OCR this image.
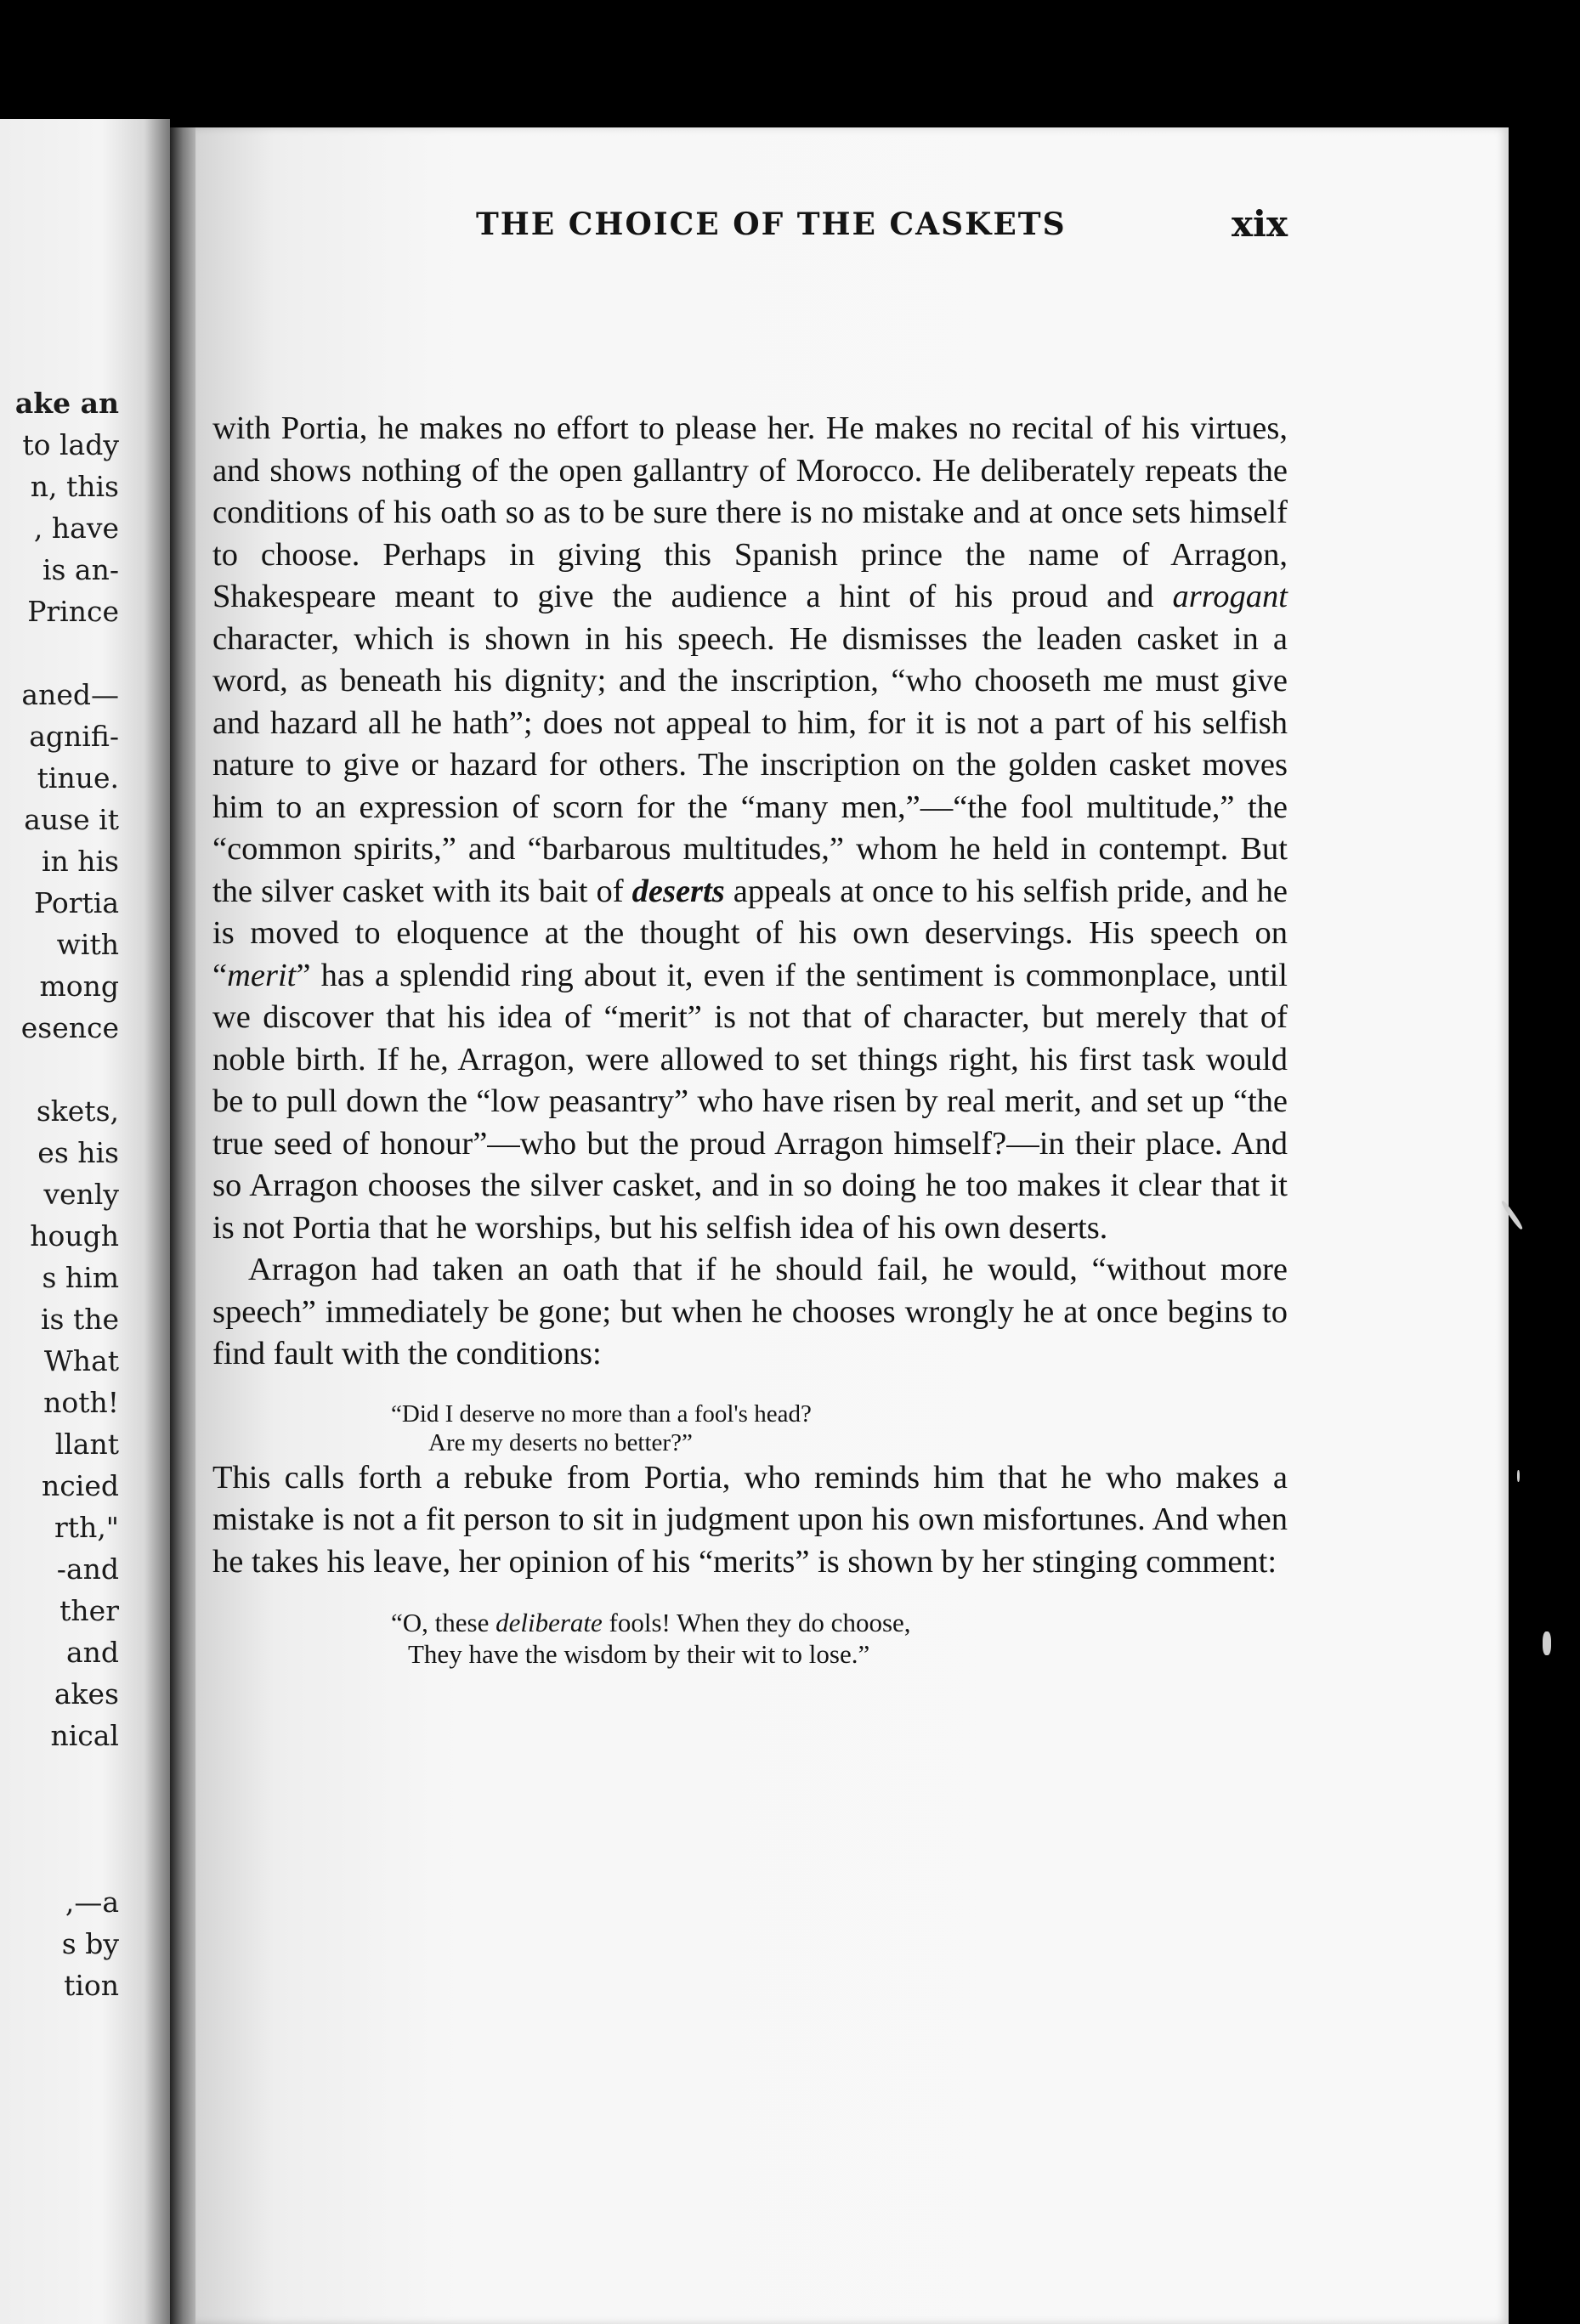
ake an
to lady
n, this
, have
is an-
Prince
aned—
agnifi-
tinue.
ause it
in his
Portia
with
mong
esence
skets,
es his
venly
hough
s him
is the
What
noth!
llant
ncied
rth,"
-and
ther
and
akes
nical
,—a
s by
tion
THE CHOICE OF THE CASKETS	xix

with Portia, he makes no effort to please her. He makes no recital of his virtues, and shows nothing of the open gallantry of Morocco. He deliberately repeats the conditions of his oath so as to be sure there is no mistake and at once sets himself to choose. Perhaps in giving this Spanish prince the name of Arragon, Shakespeare meant to give the audience a hint of his proud and arrogant character, which is shown in his speech. He dismisses the leaden casket in a word, as beneath his dignity; and the inscription, “who chooseth me must give and hazard all he hath”; does not appeal to him, for it is not a part of his selfish nature to give or hazard for others. The inscription on the golden casket moves him to an expression of scorn for the “many men,”—“the fool multitude,” the “common spirits,” and “barbarous multitudes,” whom he held in contempt. But the silver casket with its bait of deserts appeals at once to his selfish pride, and he is moved to eloquence at the thought of his own deservings. His speech on “merit” has a splendid ring about it, even if the sentiment is commonplace, until we discover that his idea of “merit” is not that of character, but merely that of noble birth. If he, Arragon, were allowed to set things right, his first task would be to pull down the “low peasantry” who have risen by real merit, and set up “the true seed of honour”—who but the proud Arragon himself?—in their place. And so Arragon chooses the silver casket, and in so doing he too makes it clear that it is not Portia that he worships, but his selfish idea of his own deserts.

Arragon had taken an oath that if he should fail, he would, “without more speech” immediately be gone; but when he chooses wrongly he at once begins to find fault with the conditions:

“Did I deserve no more than a fool's head?
Are my deserts no better?”

This calls forth a rebuke from Portia, who reminds him that he who makes a mistake is not a fit person to sit in judgment upon his own misfortunes. And when he takes his leave, her opinion of his “merits” is shown by her stinging comment:

“O, these deliberate fools! When they do choose,
They have the wisdom by their wit to lose.”
